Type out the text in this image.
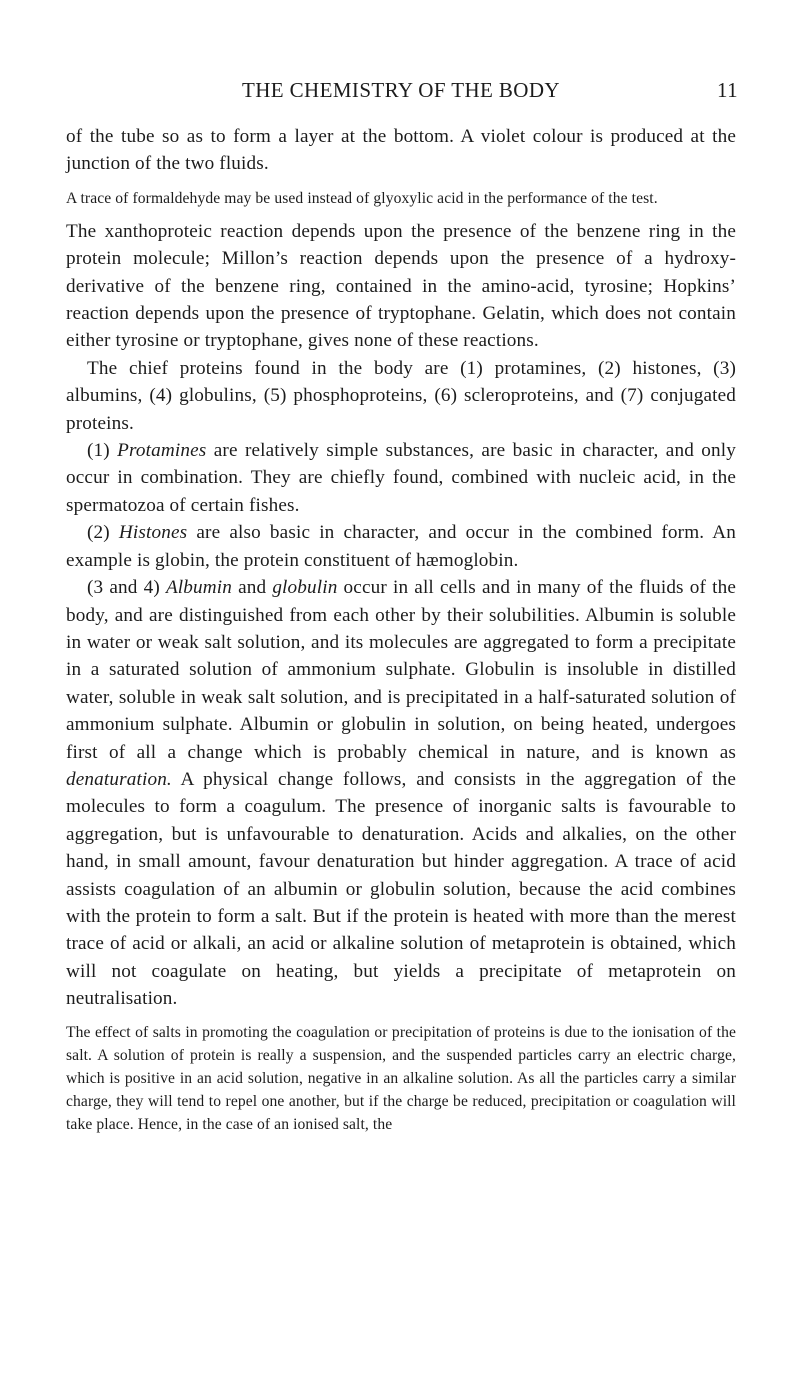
THE CHEMISTRY OF THE BODY	11

of the tube so as to form a layer at the bottom. A violet colour is produced at the junction of the two fluids.

A trace of formaldehyde may be used instead of glyoxylic acid in the performance of the test.

The xanthoproteic reaction depends upon the presence of the benzene ring in the protein molecule; Millon’s reaction depends upon the presence of a hydroxy-derivative of the benzene ring, contained in the amino-acid, tyrosine; Hopkins’ reaction depends upon the presence of tryptophane. Gelatin, which does not contain either tyrosine or tryptophane, gives none of these reactions.

The chief proteins found in the body are (1) protamines, (2) histones, (3) albumins, (4) globulins, (5) phosphoproteins, (6) scleroproteins, and (7) conjugated proteins.

(1) Protamines are relatively simple substances, are basic in character, and only occur in combination. They are chiefly found, combined with nucleic acid, in the spermatozoa of certain fishes.

(2) Histones are also basic in character, and occur in the combined form. An example is globin, the protein constituent of hæmoglobin.

(3 and 4) Albumin and globulin occur in all cells and in many of the fluids of the body, and are distinguished from each other by their solubilities. Albumin is soluble in water or weak salt solution, and its molecules are aggregated to form a precipitate in a saturated solution of ammonium sulphate. Globulin is insoluble in distilled water, soluble in weak salt solution, and is precipitated in a half-saturated solution of ammonium sulphate. Albumin or globulin in solution, on being heated, undergoes first of all a change which is probably chemical in nature, and is known as denaturation. A physical change follows, and consists in the aggregation of the molecules to form a coagulum. The presence of inorganic salts is favourable to aggregation, but is unfavourable to denaturation. Acids and alkalies, on the other hand, in small amount, favour denaturation but hinder aggregation. A trace of acid assists coagulation of an albumin or globulin solution, because the acid combines with the protein to form a salt. But if the protein is heated with more than the merest trace of acid or alkali, an acid or alkaline solution of metaprotein is obtained, which will not coagulate on heating, but yields a precipitate of metaprotein on neutralisation.

The effect of salts in promoting the coagulation or precipitation of proteins is due to the ionisation of the salt. A solution of protein is really a suspension, and the suspended particles carry an electric charge, which is positive in an acid solution, negative in an alkaline solution. As all the particles carry a similar charge, they will tend to repel one another, but if the charge be reduced, precipitation or coagulation will take place. Hence, in the case of an ionised salt, the
